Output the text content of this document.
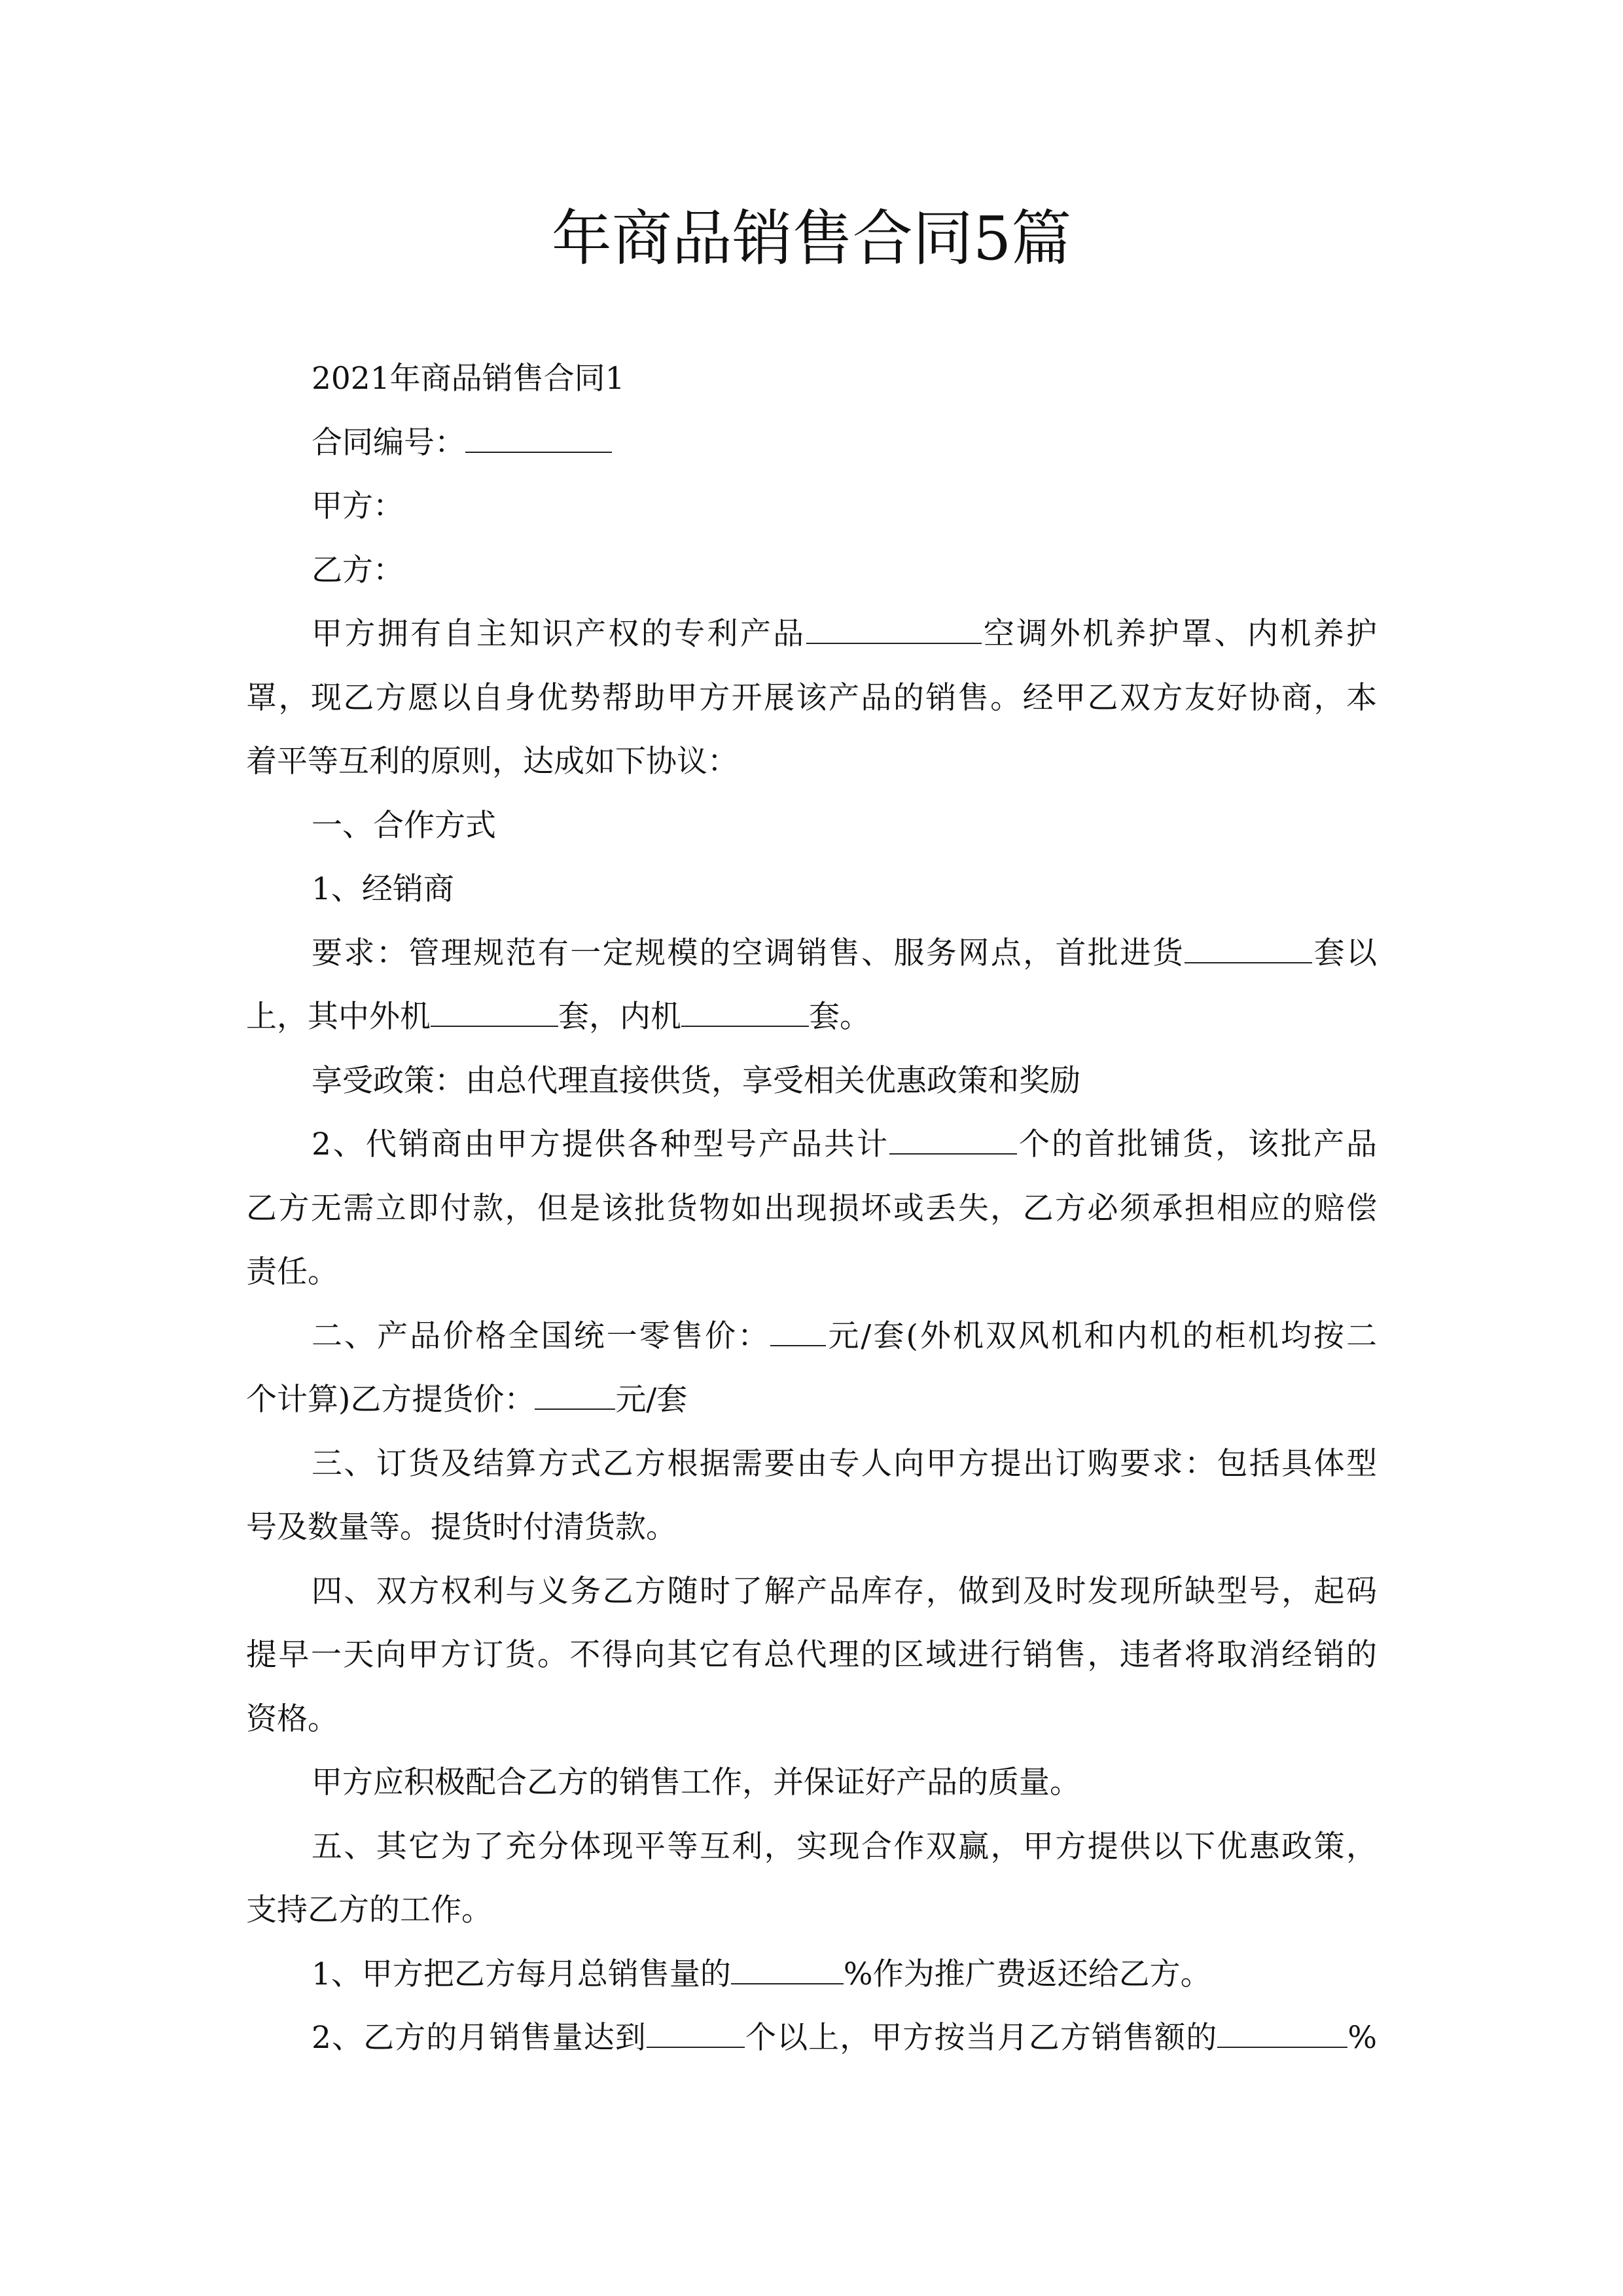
年商品销售合同5篇
2021年商品销售合同1
合同编号：
甲方：
乙方：
甲方拥有自主知识产权的专利产品	空调外机养护罩、内机养护
罩，现乙方愿以自身优势帮助甲方开展该产品的销售。经甲乙双方友好协商，本
着平等互利的原则，达成如下协议：
一、合作方式
1、经销商
要求：管理规范有一定规模的空调销售、服务网点，首批进货	套以
上，其中外机	套，内机	套。
享受政策：由总代理直接供货，享受相关优惠政策和奖励
2、代销商由甲方提供各种型号产品共计	个的首批铺货，该批产品
乙方无需立即付款，但是该批货物如出现损坏或丢失，乙方必须承担相应的赔偿
责任。
二、产品价格全国统一零售价： 元/套(外机双风机和内机的柜机均按二
个计算)乙方提货价：	元/套
三、订货及结算方式乙方根据需要由专人向甲方提出订购要求：包括具体型
号及数量等。提货时付清货款。
四、双方权利与义务乙方随时了解产品库存，做到及时发现所缺型号，起码
提早一天向甲方订货。不得向其它有总代理的区域进行销售，违者将取消经销的
资格。
甲方应积极配合乙方的销售工作，并保证好产品的质量。
五、其它为了充分体现平等互利，实现合作双赢，甲方提供以下优惠政策，
支持乙方的工作。
1、甲方把乙方每月总销售量的	%作为推广费返还给乙方。
2、乙方的月销售量达到	个以上，甲方按当月乙方销售额的	%
